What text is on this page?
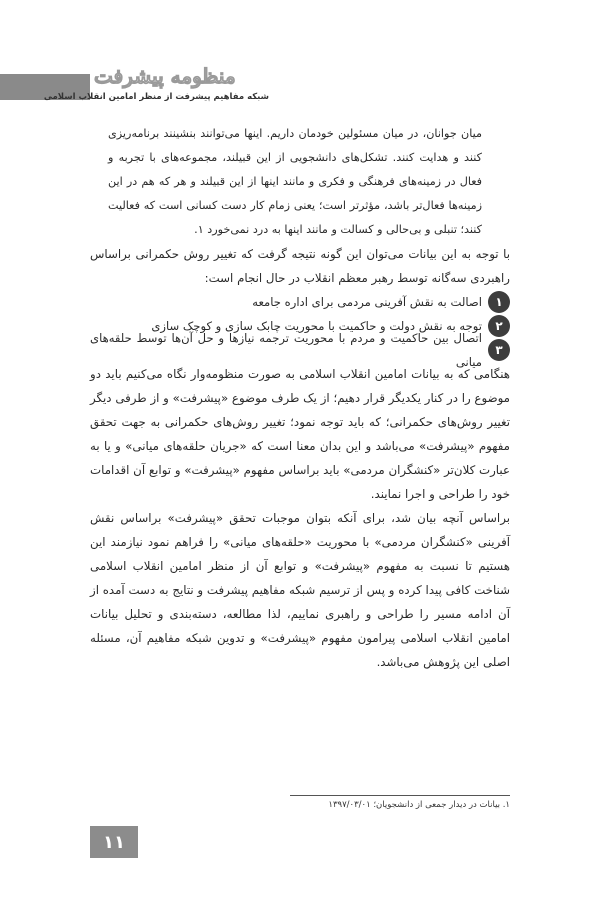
منظومه پیشرفت
شبکه مفاهیم پیشرفت از منظر امامین انقلاب اسلامی

میان جوانان، در میان مسئولین خودمان داریم. اینها می‌توانند بنشینند برنامه‌ریزی کنند و هدایت کنند. تشکل‌های دانشجویی از این قبیلند، مجموعه‌های با تجربه و فعال در زمینه‌های فرهنگی و فکری و مانند اینها از این قبیلند و هر که هم در این زمینه‌ها فعال‌تر باشد، مؤثرتر است؛ یعنی زمام کار دست کسانی است که فعالیت کنند؛ تنبلی و بی‌حالی و کسالت و مانند اینها به درد نمی‌خورد ۱.

با توجه به این بیانات می‌توان این گونه نتیجه گرفت که تغییر روش حکمرانی براساس راهبردی سه‌گانه توسط رهبر معظم انقلاب در حال انجام است:

۱
اصالت به نقش آفرینی مردمی برای اداره جامعه
۲
توجه به نقش دولت و حاکمیت با محوریت چابک سازی و کوچک سازی
۳
اتصال بین حاکمیت و مردم با محوریت ترجمه نیازها و حل آن‌ها توسط حلقه‌های میانی

هنگامی که به بیانات امامین انقلاب اسلامی به صورت منظومه‌وار نگاه می‌کنیم باید دو موضوع را در کنار یکدیگر قرار دهیم؛ از یک طرف موضوع «پیشرفت» و از طرفی دیگر تغییر روش‌های حکمرانی؛ که باید توجه نمود؛ تغییر روش‌های حکمرانی به جهت تحقق مفهوم «پیشرفت» می‌باشد و این بدان معنا است که «جریان حلقه‌های میانی» و یا به عبارت کلان‌تر «کنشگران مردمی» باید براساس مفهوم «پیشرفت» و توابع آن اقدامات خود را طراحی و اجرا نمایند.

براساس آنچه بیان شد، برای آنکه بتوان موجبات تحقق «پیشرفت» براساس نقش آفرینی «کنشگران مردمی» با محوریت «حلقه‌های میانی» را فراهم نمود نیازمند این هستیم تا نسبت به مفهوم «پیشرفت» و توابع آن از منظر امامین انقلاب اسلامی شناخت کافی پیدا کرده و پس از ترسیم شبکه مفاهیم پیشرفت و نتایج به دست آمده از آن ادامه مسیر را طراحی و راهبری نماییم، لذا مطالعه، دسته‌بندی و تحلیل بیانات امامین انقلاب اسلامی پیرامون مفهوم «پیشرفت» و تدوین شبکه مفاهیم آن، مسئله اصلی این پژوهش می‌باشد.

۱. بیانات در دیدار جمعی از دانشجویان؛ ۱۳۹۷/۰۳/۰۱
۱۱
